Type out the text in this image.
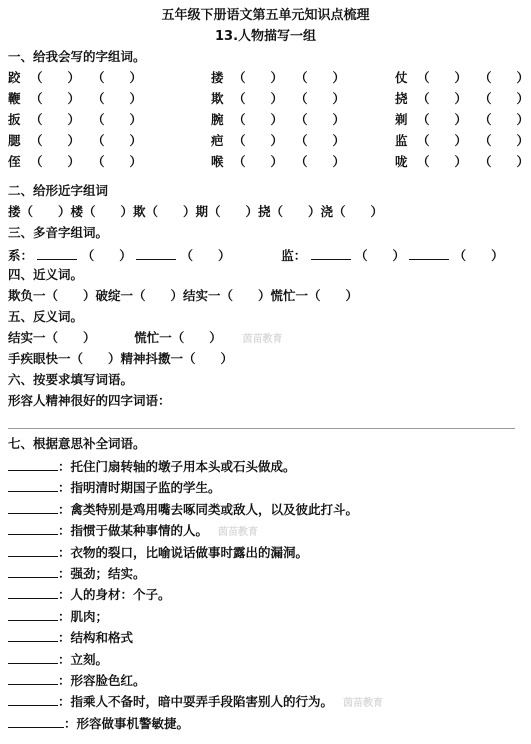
五年级下册语文第五单元知识点梳理
13.人物描写一组
一、给我会写的字组词。
跤 （　　） （　　）	搂 （　　） （　　）	仗 （　　） （　　）
鞭 （　　） （　　）	欺 （　　） （　　）	挠 （　　） （　　）
扳 （　　） （　　）	腕 （　　） （　　）	剃 （　　） （　　）
腮 （　　） （　　）	疤 （　　） （　　）	监 （　　） （　　）
侄 （　　） （　　）	喉 （　　） （　　）	咙 （　　） （　　）
二、给形近字组词
搂（　　）楼（　　）欺（　　）期（　　）挠（　　）浇（　　）
三、多音字组词。
系：	（　　）	（　　）	监：	（　　）	（　　）
四、近义词。
欺负一（　　）破绽一（　　）结实一（　　）慌忙一（　　）
五、反义词。
结实一（　　）	慌忙一（　　） 茵苗教育
手疾眼快一（　　）精神抖擞一（　　）
六、按要求填写词语。
形容人精神很好的四字词语：
七、根据意思补全词语。
：托住门扇转轴的墩子用本头或石头做成。
：指明清时期国子监的学生。
：禽类特别是鸡用嘴去啄同类或敌人，以及彼此打斗。
：指惯于做某种事情的人。 茵苗教育
：衣物的裂口，比喻说话做事时露出的漏洞。
：强劲；结实。
：人的身材：个子。
：肌肉；
：结构和格式
：立刻。
：形容脸色红。
：指乘人不备时，暗中耍弄手段陷害别人的行为。 茵苗教育
：形容做事机警敏捷。
